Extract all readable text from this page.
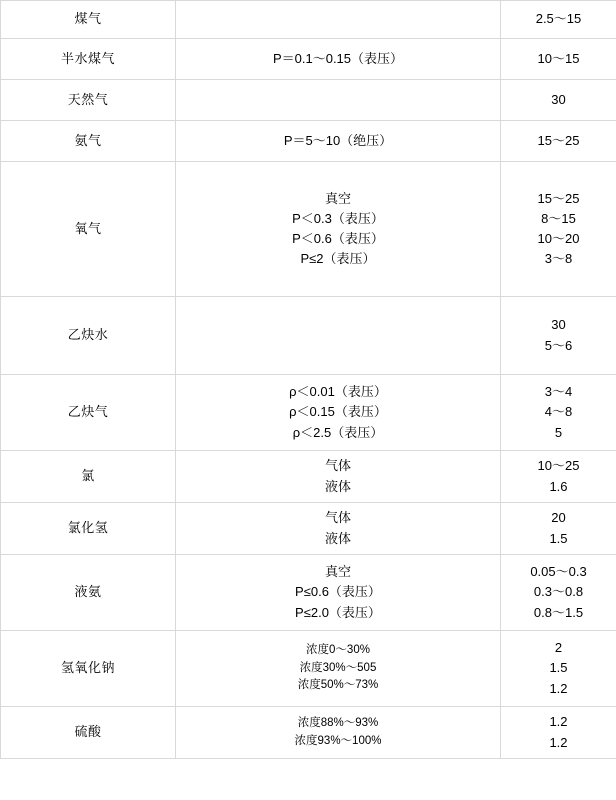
煤气		2.5～15

半水煤气	P＝0.1～0.15（表压）	10～15

天然气		30

氨气	P＝5～10（绝压）	15～25

氧气	真空
P＜0.3（表压）
P＜0.6（表压）
P≤2（表压）	15～25
8～15
10～20
3～8

乙炔水		30
5～6

乙炔气	ρ＜0.01（表压）
ρ＜0.15（表压）
ρ＜2.5（表压）	3～4
4～8
5

氯	气体
液体	10～25
1.6

氯化氢	气体
液体	20
1.5

液氨	真空
P≤0.6（表压）
P≤2.0（表压）	0.05～0.3
0.3～0.8
0.8～1.5

氢氧化钠	浓度0～30%
浓度30%～505
浓度50%～73%	2
1.5
1.2

硫酸	浓度88%～93%
浓度93%～100%	1.2
1.2
